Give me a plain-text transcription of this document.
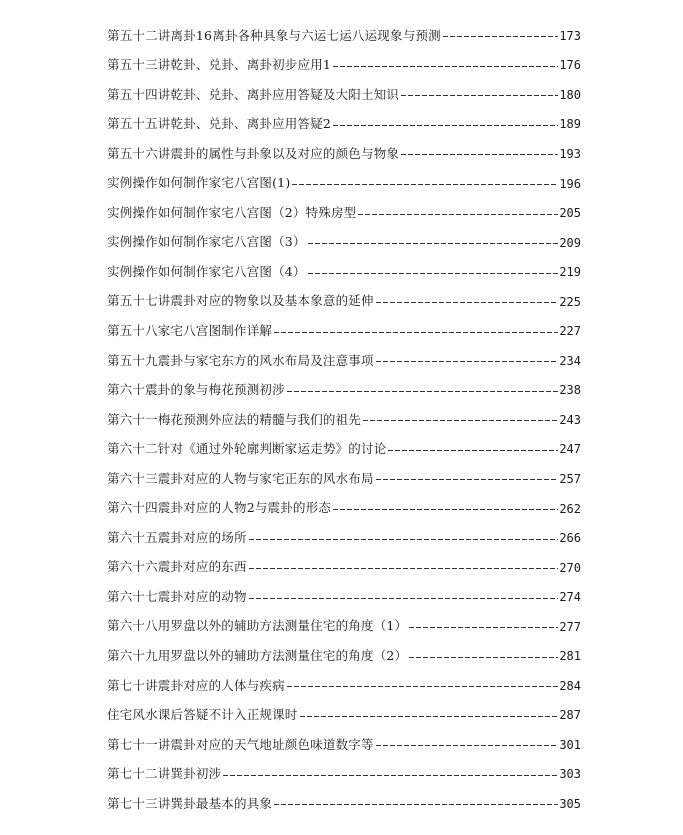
第五十二讲离卦16离卦各种具象与六运七运八运现象与预测	173
第五十三讲乾卦、兑卦、离卦初步应用1	176
第五十四讲乾卦、兑卦、离卦应用答疑及大阳土知识	180
第五十五讲乾卦、兑卦、离卦应用答疑2	189
第五十六讲震卦的属性与卦象以及对应的颜色与物象	193
实例操作如何制作家宅八宫图(1)	196
实例操作如何制作家宅八宫图（2）特殊房型	205
实例操作如何制作家宅八宫图（3）	209
实例操作如何制作家宅八宫图（4）	219
第五十七讲震卦对应的物象以及基本象意的延伸	225
第五十八家宅八宫图制作详解	227
第五十九震卦与家宅东方的风水布局及注意事项	234
第六十震卦的象与梅花预测初涉	238
第六十一梅花预测外应法的精髓与我们的祖先	243
第六十二针对《通过外轮廓判断家运走势》的讨论	247
第六十三震卦对应的人物与家宅正东的风水布局	257
第六十四震卦对应的人物2与震卦的形态	262
第六十五震卦对应的场所	266
第六十六震卦对应的东西	270
第六十七震卦对应的动物	274
第六十八用罗盘以外的辅助方法测量住宅的角度（1）	277
第六十九用罗盘以外的辅助方法测量住宅的角度（2）	281
第七十讲震卦对应的人体与疾病	284
住宅风水课后答疑不计入正规课时	287
第七十一讲震卦对应的天气地址颜色味道数字等	301
第七十二讲巽卦初涉	303
第七十三讲巽卦最基本的具象	305
